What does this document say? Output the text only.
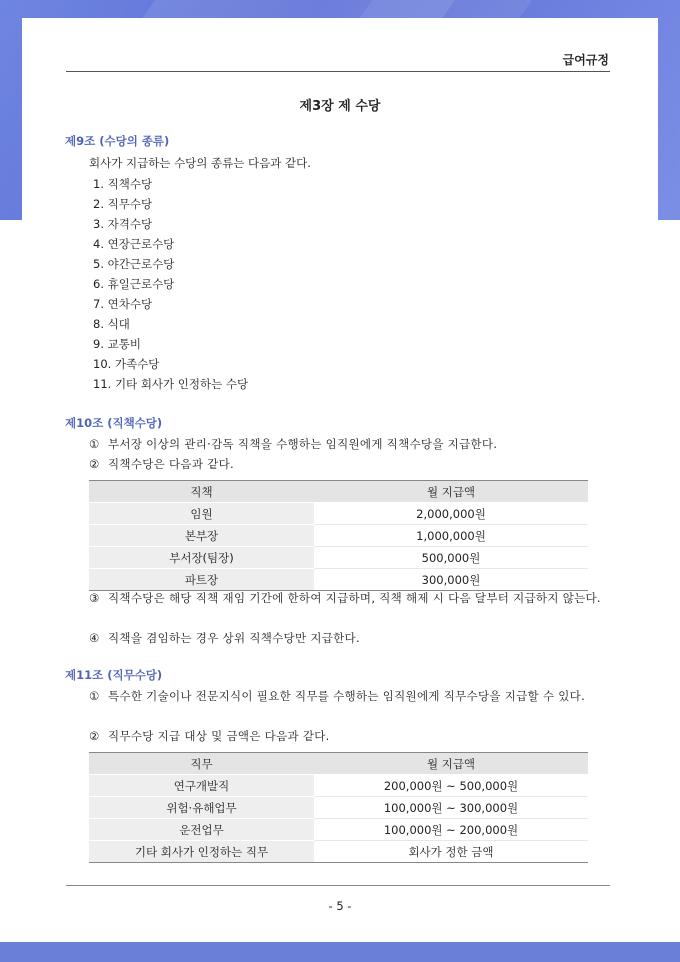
급여규정
제3장 제 수당
제9조 (수당의 종류)
회사가 지급하는 수당의 종류는 다음과 같다.
1. 직책수당
2. 직무수당
3. 자격수당
4. 연장근로수당
5. 야간근로수당
6. 휴일근로수당
7. 연차수당
8. 식대
9. 교통비
10. 가족수당
11. 기타 회사가 인정하는 수당
제10조 (직책수당)
① 부서장 이상의 관리·감독 직책을 수행하는 임직원에게 직책수당을 지급한다.
② 직책수당은 다음과 같다.
직책	월 지급액
임원	2,000,000원
본부장	1,000,000원
부서장(팀장)	500,000원
파트장	300,000원
③ 직책수당은 해당 직책 재임 기간에 한하여 지급하며, 직책 해제 시 다음 달부터 지급하지 않는다.
④ 직책을 겸임하는 경우 상위 직책수당만 지급한다.
제11조 (직무수당)
① 특수한 기술이나 전문지식이 필요한 직무를 수행하는 임직원에게 직무수당을 지급할 수 있다.
② 직무수당 지급 대상 및 금액은 다음과 같다.
직무	월 지급액
연구개발직	200,000원 ~ 500,000원
위험·유해업무	100,000원 ~ 300,000원
운전업무	100,000원 ~ 200,000원
기타 회사가 인정하는 직무	회사가 정한 금액
- 5 -
